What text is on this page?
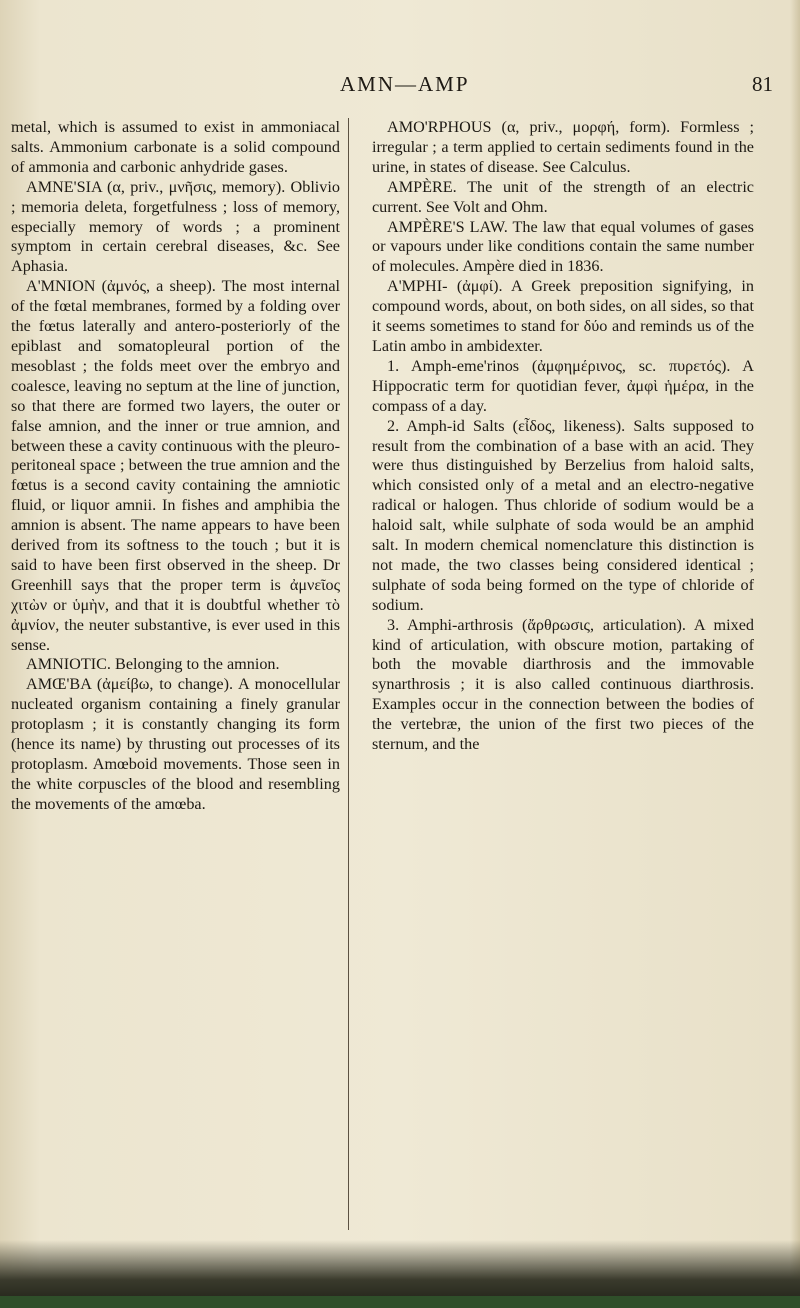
AMN—AMP	81

metal, which is assumed to exist in ammoniacal salts. Ammonium carbonate is a solid compound of ammonia and carbonic anhydride gases.

AMNE'SIA (α, priv., μνῆσις, memory). Oblivio ; memoria deleta, forgetfulness ; loss of memory, especially memory of words ; a prominent symptom in certain cerebral diseases, &c. See Aphasia.

A'MNION (ἀμνός, a sheep). The most internal of the fœtal membranes, formed by a folding over the fœtus laterally and antero-posteriorly of the epiblast and somatopleural portion of the mesoblast ; the folds meet over the embryo and coalesce, leaving no septum at the line of junction, so that there are formed two layers, the outer or false amnion, and the inner or true amnion, and between these a cavity continuous with the pleuro-peritoneal space ; between the true amnion and the fœtus is a second cavity containing the amniotic fluid, or liquor amnii. In fishes and amphibia the amnion is absent. The name appears to have been derived from its softness to the touch ; but it is said to have been first observed in the sheep. Dr Greenhill says that the proper term is ἀμνεῖος χιτὼν or ὑμὴν, and that it is doubtful whether τὸ ἀμνίον, the neuter substantive, is ever used in this sense.

AMNIOTIC. Belonging to the amnion.

AMŒ'BA (ἀμείβω, to change). A monocellular nucleated organism containing a finely granular protoplasm ; it is constantly changing its form (hence its name) by thrusting out processes of its protoplasm. Amœboid movements. Those seen in the white corpuscles of the blood and resembling the movements of the amœba.

AMO'RPHOUS (α, priv., μορφή, form). Formless ; irregular ; a term applied to certain sediments found in the urine, in states of disease. See Calculus.

AMPÈRE. The unit of the strength of an electric current. See Volt and Ohm.

AMPÈRE'S LAW. The law that equal volumes of gases or vapours under like conditions contain the same number of molecules. Ampère died in 1836.

A'MPHI- (ἀμφί). A Greek preposition signifying, in compound words, about, on both sides, on all sides, so that it seems sometimes to stand for δύο and reminds us of the Latin ambo in ambidexter.

1. Amph-eme'rinos (ἀμφημέρινος, sc. πυρετός). A Hippocratic term for quotidian fever, ἀμφὶ ἡμέρα, in the compass of a day.

2. Amph-id Salts (εἶδος, likeness). Salts supposed to result from the combination of a base with an acid. They were thus distinguished by Berzelius from haloid salts, which consisted only of a metal and an electro-negative radical or halogen. Thus chloride of sodium would be a haloid salt, while sulphate of soda would be an amphid salt. In modern chemical nomenclature this distinction is not made, the two classes being considered identical ; sulphate of soda being formed on the type of chloride of sodium.

3. Amphi-arthrosis (ἄρθρωσις, articulation). A mixed kind of articulation, with obscure motion, partaking of both the movable diarthrosis and the immovable synarthrosis ; it is also called continuous diarthrosis. Examples occur in the connection between the bodies of the vertebræ, the union of the first two pieces of the sternum, and the
